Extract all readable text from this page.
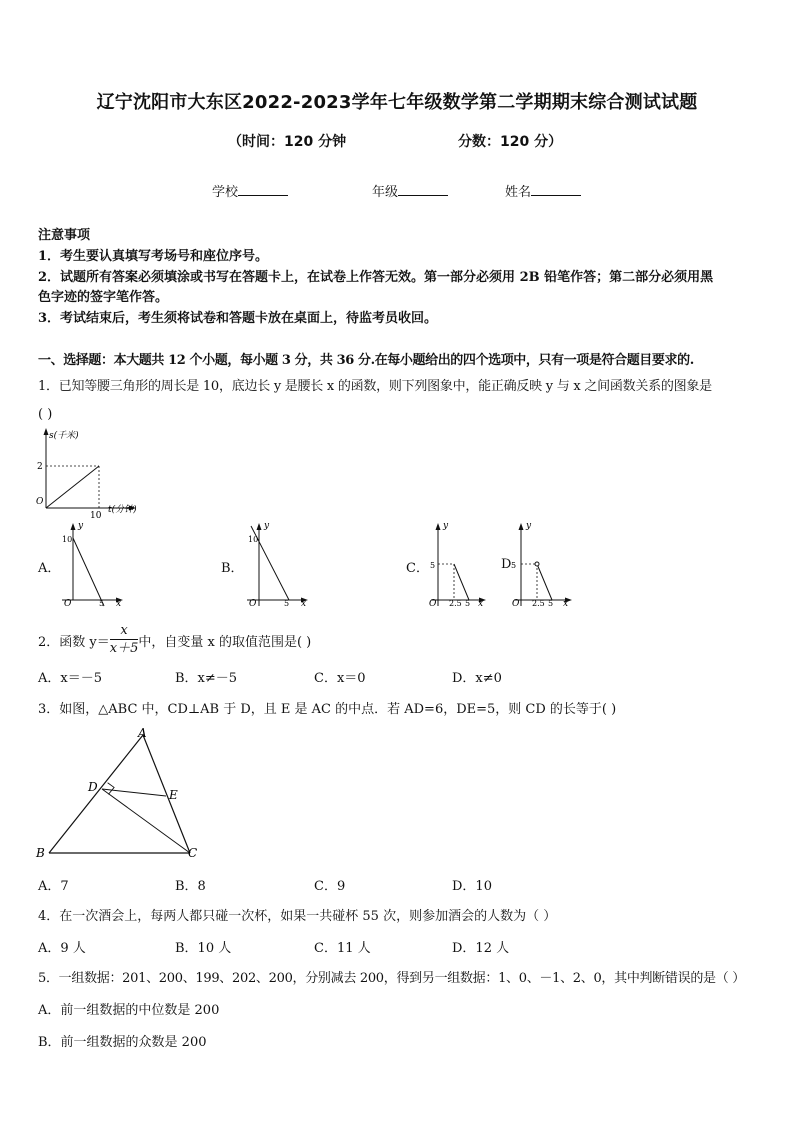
辽宁沈阳市大东区2022-2023学年七年级数学第二学期期末综合测试试题
（时间：120 分钟	分数：120 分）
学校	年级	姓名
注意事项
1．考生要认真填写考场号和座位序号。
2．试题所有答案必须填涂或书写在答题卡上，在试卷上作答无效。第一部分必须用 2B 铅笔作答；第二部分必须用黑
色字迹的签字笔作答。
3．考试结束后，考生须将试卷和答题卡放在桌面上，待监考员收回。
一、选择题：本大题共 12 个小题，每小题 3 分，共 36 分.在每小题给出的四个选项中，只有一项是符合题目要求的.
1．已知等腰三角形的周长是 10，底边长 y 是腰长 x 的函数，则下列图象中，能正确反映 y 与 x 之间函数关系的图象是
( )
s(千米)
2
O
10
t(分钟)
A．
y
10
O	5 x
B．
y
10
O	5 x
C．
y
5
O 2.5 5 x
D
y
5
O 2.5 5 x
2．函数 $y= \frac{x}{x+5}$ 中，自变量 x 的取值范围是( )
A．x＝－5	B．x≠－5	C．x＝0	D．x≠0
3．如图，△ABC 中，CD⊥AB 于 D，且 E 是 AC 的中点．若 AD=6，DE=5，则 CD 的长等于( )
A
B	C
D
E
A．7	B．8	C．9	D．10
4．在一次酒会上，每两人都只碰一次杯，如果一共碰杯 55 次，则参加酒会的人数为（ ）
A．9 人	B．10 人	C．11 人	D．12 人
5．一组数据：201、200、199、202、200，分别减去 200，得到另一组数据：1、0、－1、2、0，其中判断错误的是（ ）
A．前一组数据的中位数是 200
B．前一组数据的众数是 200
